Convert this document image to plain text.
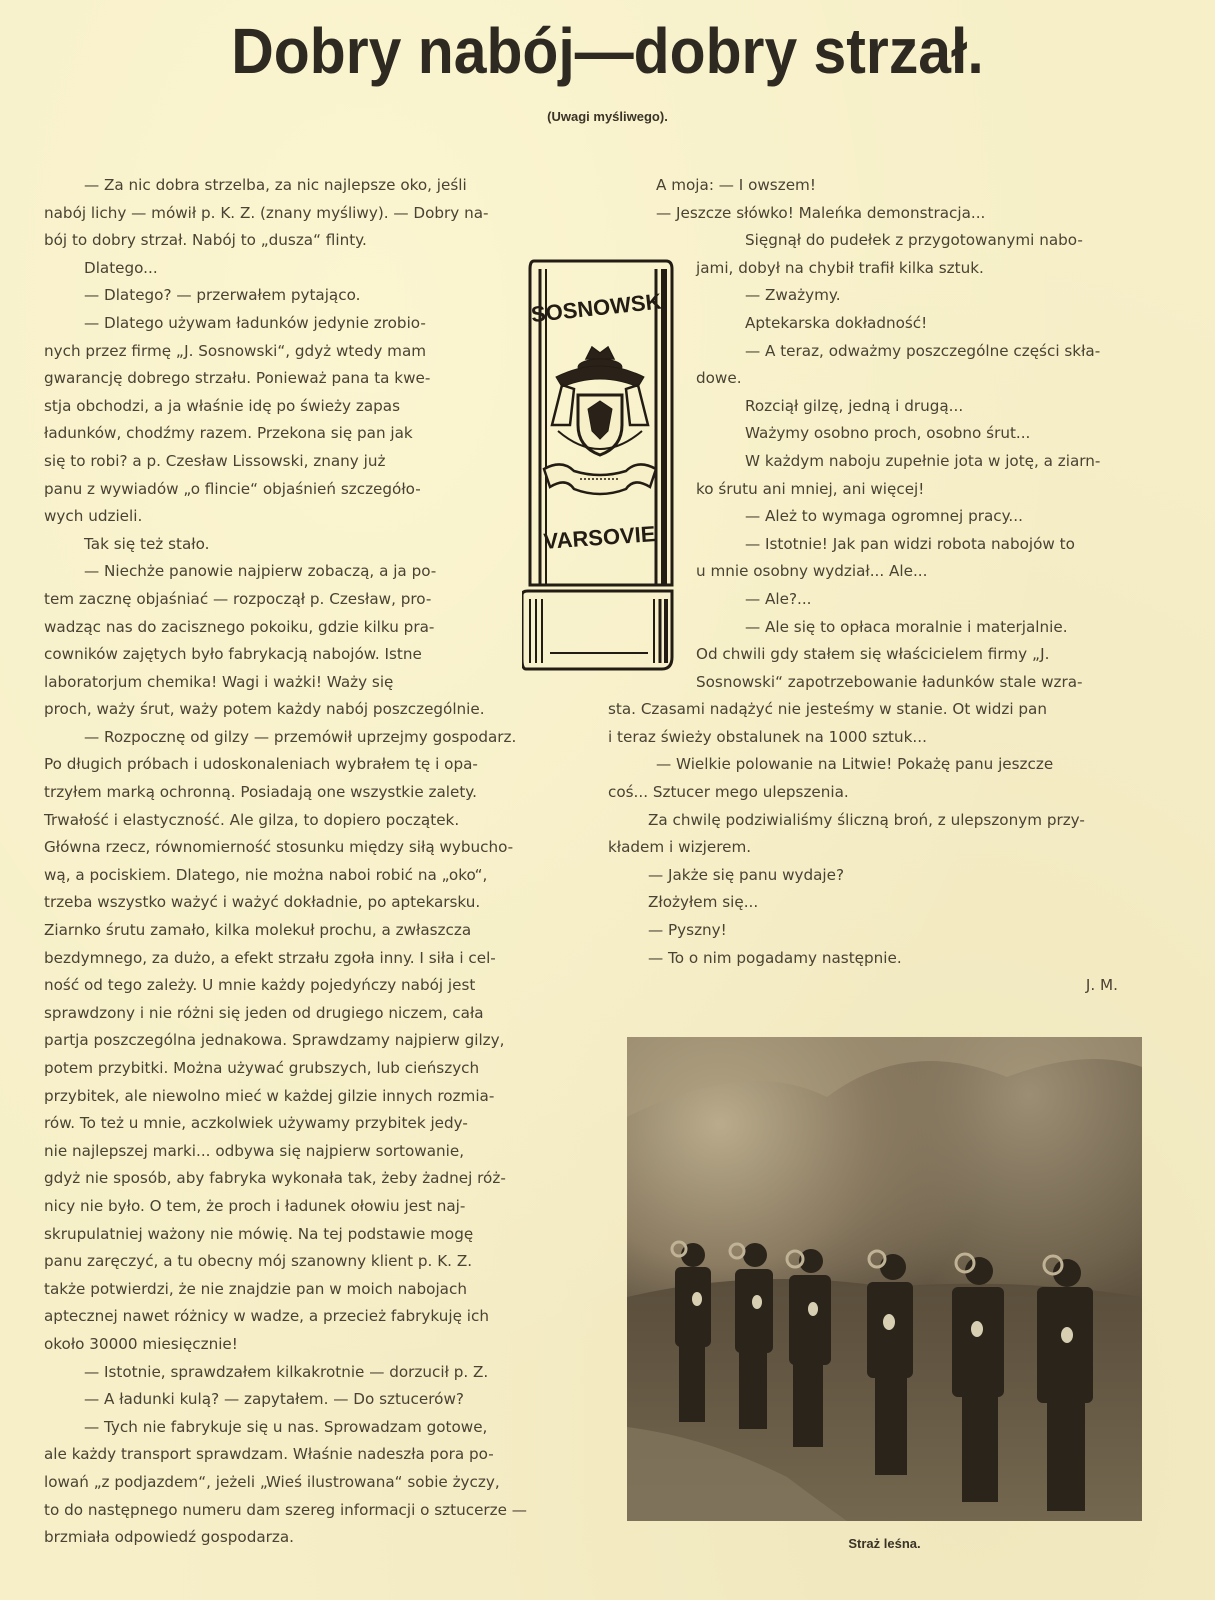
Dobry nabój—dobry strzał.
(Uwagi myśliwego).

— Za nic dobra strzelba, za nic najlepsze oko, jeśli

nabój lichy — mówił p. K. Z. (znany myśliwy). — Dobry na-

bój to dobry strzał. Nabój to „dusza“ flinty.

Dlatego...

— Dlatego? — przerwałem pytająco.

— Dlatego używam ładunków jedynie zrobio-

nych przez firmę „J. Sosnowski“, gdyż wtedy mam

gwarancję dobrego strzału. Ponieważ pana ta kwe-

stja obchodzi, a ja właśnie idę po świeży zapas

ładunków, chodźmy razem. Przekona się pan jak

się to robi? a p. Czesław Lissowski, znany już

panu z wywiadów „o flincie“ objaśnień szczegóło-

wych udzieli.

Tak się też stało.

— Niechże panowie najpierw zobaczą, a ja po-

tem zacznę objaśniać — rozpoczął p. Czesław, pro-

wadząc nas do zacisznego pokoiku, gdzie kilku pra-

cowników zajętych było fabrykacją nabojów. Istne

laboratorjum chemika! Wagi i ważki! Waży się

proch, waży śrut, waży potem każdy nabój poszczególnie.

— Rozpocznę od gilzy — przemówił uprzejmy gospodarz.

Po długich próbach i udoskonaleniach wybrałem tę i opa-

trzyłem marką ochronną. Posiadają one wszystkie zalety.

Trwałość i elastyczność. Ale gilza, to dopiero początek.

Główna rzecz, równomierność stosunku między siłą wybucho-

wą, a pociskiem. Dlatego, nie można naboi robić na „oko“,

trzeba wszystko ważyć i ważyć dokładnie, po aptekarsku.

Ziarnko śrutu zamało, kilka molekuł prochu, a zwłaszcza

bezdymnego, za dużo, a efekt strzału zgoła inny. I siła i cel-

ność od tego zależy. U mnie każdy pojedyńczy nabój jest

sprawdzony i nie różni się jeden od drugiego niczem, cała

partja poszczególna jednakowa. Sprawdzamy najpierw gilzy,

potem przybitki. Można używać grubszych, lub cieńszych

przybitek, ale niewolno mieć w każdej gilzie innych rozmia-

rów. To też u mnie, aczkolwiek używamy przybitek jedy-

nie najlepszej marki... odbywa się najpierw sortowanie,

gdyż nie sposób, aby fabryka wykonała tak, żeby żadnej róż-

nicy nie było. O tem, że proch i ładunek ołowiu jest naj-

skrupulatniej ważony nie mówię. Na tej podstawie mogę

panu zaręczyć, a tu obecny mój szanowny klient p. K. Z.

także potwierdzi, że nie znajdzie pan w moich nabojach

aptecznej nawet różnicy w wadze, a przecież fabrykuję ich

około 30000 miesięcznie!

— Istotnie, sprawdzałem kilkakrotnie — dorzucił p. Z.

— A ładunki kulą? — zapytałem. — Do sztucerów?

— Tych nie fabrykuje się u nas. Sprowadzam gotowe,

ale każdy transport sprawdzam. Właśnie nadeszła pora po-

lowań „z podjazdem“, jeżeli „Wieś ilustrowana“ sobie życzy,

to do następnego numeru dam szereg informacji o sztucerze —

brzmiała odpowiedź gospodarza.

SOSNOWSKI
VARSOVIE

A moja: — I owszem!

— Jeszcze słówko! Maleńka demonstracja...

Sięgnął do pudełek z przygotowanymi nabo-

jami, dobył na chybił trafił kilka sztuk.

— Zważymy.

Aptekarska dokładność!

— A teraz, odważmy poszczególne części skła-

dowe.

Rozciął gilzę, jedną i drugą...

Ważymy osobno proch, osobno śrut...

W każdym naboju zupełnie jota w jotę, a ziarn-

ko śrutu ani mniej, ani więcej!

— Ależ to wymaga ogromnej pracy...

— Istotnie! Jak pan widzi robota nabojów to

u mnie osobny wydział... Ale...

— Ale?...

— Ale się to opłaca moralnie i materjalnie.

Od chwili gdy stałem się właścicielem firmy „J.

Sosnowski“ zapotrzebowanie ładunków stale wzra-

sta. Czasami nadążyć nie jesteśmy w stanie. Ot widzi pan

i teraz świeży obstalunek na 1000 sztuk...

— Wielkie polowanie na Litwie! Pokażę panu jeszcze

coś... Sztucer mego ulepszenia.

Za chwilę podziwialiśmy śliczną broń, z ulepszonym przy-

kładem i wizjerem.

— Jakże się panu wydaje?

Złożyłem się...

— Pyszny!

— To o nim pogadamy następnie.

J. M.

Straż leśna.
